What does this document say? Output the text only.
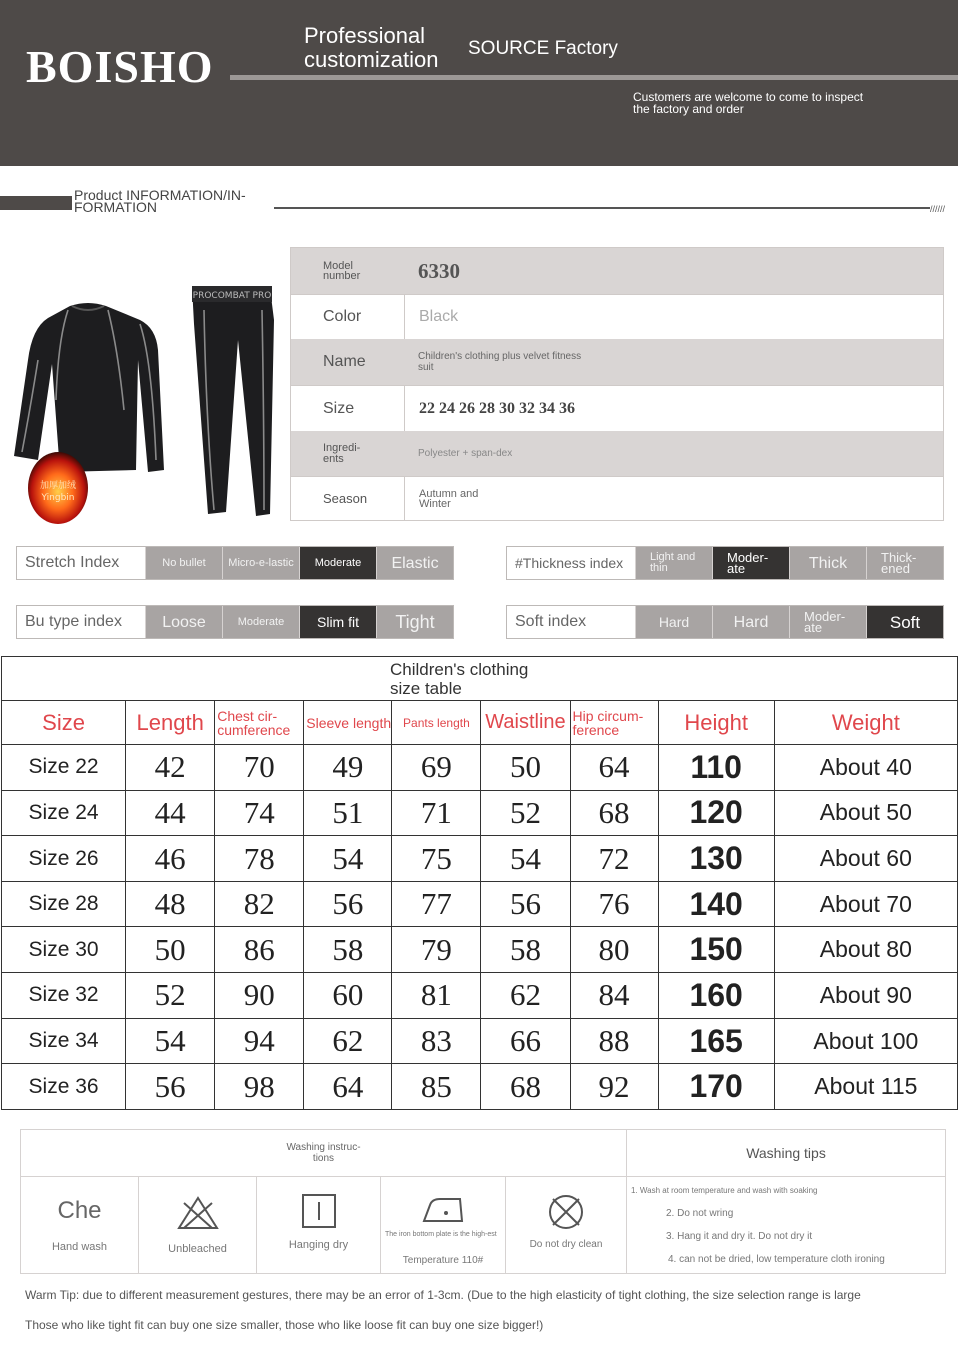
BOISHO
Professional
customization	SOURCE Factory
Customers are welcome to come to inspect the factory and order
Product INFORMATION/IN-
FORMATION	//////
加厚加绒
Yingbin
PROCOMBAT PRO
Model number	6330
Color	Black
Name	Children's clothing plus velvet fitness suit
Size	22 24 26 28 30 32 34 36
Ingredi-ents	Polyester + span-dex
Season	Autumn and Winter
Stretch Index	No bullet	Micro-e-lastic	Moderate	Elastic	#Thickness index	Light and thin
Moder-ate	Thick	Thick-ened
Bu type index	Loose	Moderate	Slim fit	Tight	Soft index	Hard	Hard	Moder-ate	Soft
Children's clothing
size table								

Size	Length	Chest cir-cumference	Sleeve length	Pants length	Waistline	Hip circum-ference	Height	Weight
Size 22	42	70	49	69	50	64	110	About 40
Size 24	44	74	51	71	52	68	120	About 50
Size 26	46	78	54	75	54	72	130	About 60
Size 28	48	82	56	77	56	76	140	About 70
Size 30	50	86	58	79	58	80	150	About 80
Size 32	52	90	60	81	62	84	160	About 90
Size 34	54	94	62	83	66	88	165	About 100
Size 36	56	98	64	85	68	92	170	About 115
Washing instruc-
tions	Washing tips
Che
Hand wash	Unbleached	Hanging dry
The iron bottom plate is the high-est
Temperature 110#
Do not dry clean
1. Wash at room temperature and wash with soaking
2. Do not wring
3. Hang it and dry it. Do not dry it
4. can not be dried, low temperature cloth ironing
Warm Tip: due to different measurement gestures, there may be an error of 1-3cm. (Due to the high elasticity of tight clothing, the size selection range is large
Those who like tight fit can buy one size smaller, those who like loose fit can buy one size bigger!)
